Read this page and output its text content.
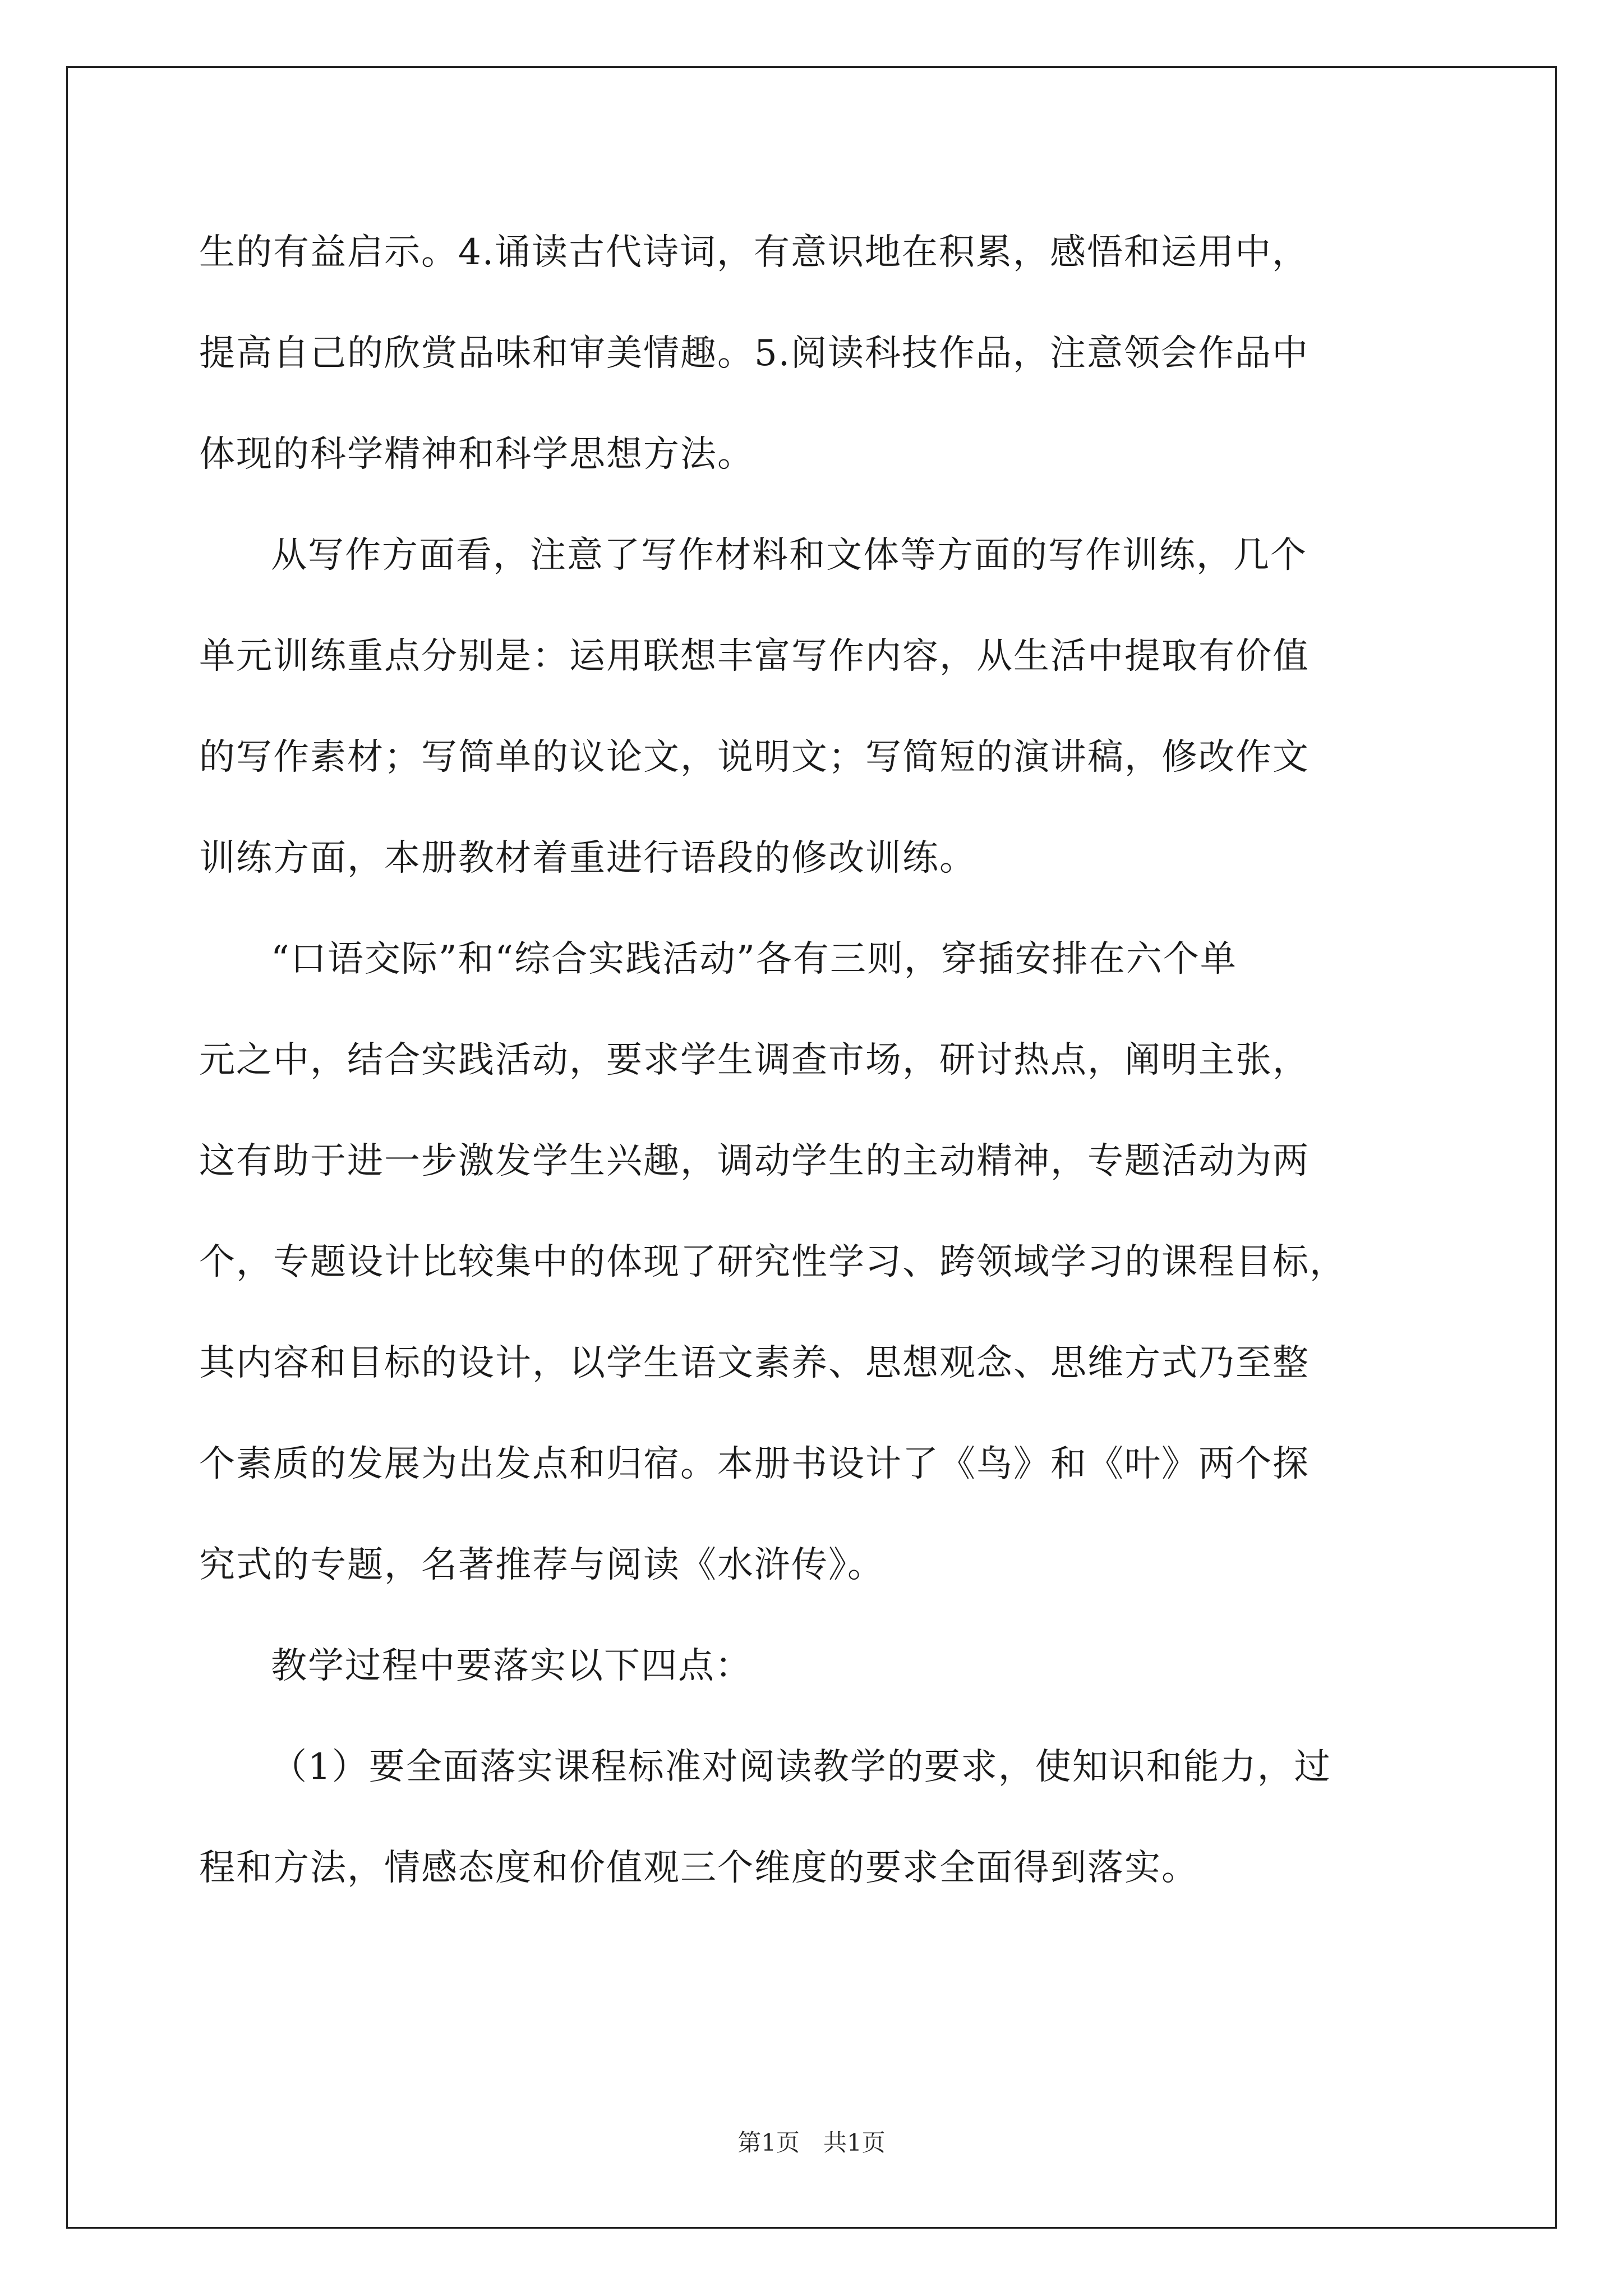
生的有益启示。4.诵读古代诗词，有意识地在积累，感悟和运用中，
提高自己的欣赏品味和审美情趣。5.阅读科技作品，注意领会作品中
体现的科学精神和科学思想方法。
从写作方面看，注意了写作材料和文体等方面的写作训练，几个
单元训练重点分别是：运用联想丰富写作内容，从生活中提取有价值
的写作素材；写简单的议论文，说明文；写简短的演讲稿，修改作文
训练方面，本册教材着重进行语段的修改训练。
“口语交际”和“综合实践活动”各有三则，穿插安排在六个单
元之中，结合实践活动，要求学生调查市场，研讨热点，阐明主张，
这有助于进一步激发学生兴趣，调动学生的主动精神，专题活动为两
个，专题设计比较集中的体现了研究性学习、跨领域学习的课程目标，
其内容和目标的设计，以学生语文素养、思想观念、思维方式乃至整
个素质的发展为出发点和归宿。本册书设计了《鸟》和《叶》两个探
究式的专题，名著推荐与阅读《水浒传》。
教学过程中要落实以下四点：
（1）要全面落实课程标准对阅读教学的要求，使知识和能力，过
程和方法，情感态度和价值观三个维度的要求全面得到落实。
第1页　共1页
